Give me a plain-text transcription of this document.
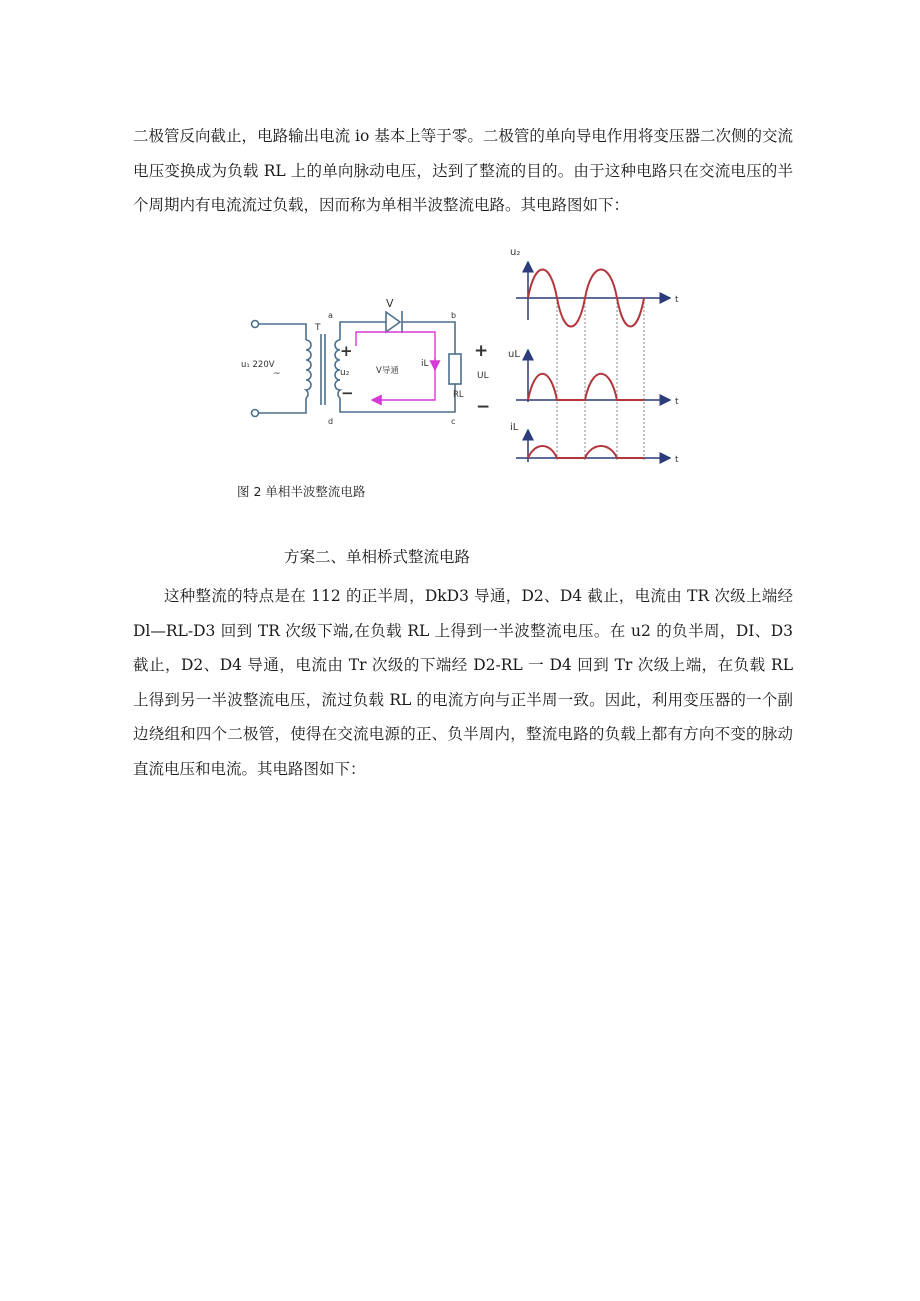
二极管反向截止，电路输出电流 io 基本上等于零。二极管的单向导电作用将变压器二次侧的交流电压变换成为负载 RL 上的单向脉动电压，达到了整流的目的。由于这种电路只在交流电压的半个周期内有电流流过负载，因而称为单相半波整流电路。其电路图如下：

T
V
a	b
c
d
u₁ 220V
~
+
u₂
−
V导通
iL
RL
+
UL
−
u₂
uL
iL
t
t
t
图 2 单相半波整流电路
方案二、单相桥式整流电路

这种整流的特点是在 112 的正半周，DkD3 导通，D2、D4 截止，电流由 TR 次级上端经 Dl—RL-D3 回到 TR 次级下端,在负载 RL 上得到一半波整流电压。在 u2 的负半周，DI、D3 截止，D2、D4 导通，电流由 Tr 次级的下端经 D2-RL 一 D4 回到 Tr 次级上端，在负载 RL 上得到另一半波整流电压，流过负载 RL 的电流方向与正半周一致。因此，利用变压器的一个副边绕组和四个二极管，使得在交流电源的正、负半周内，整流电路的负载上都有方向不变的脉动直流电压和电流。其电路图如下：
